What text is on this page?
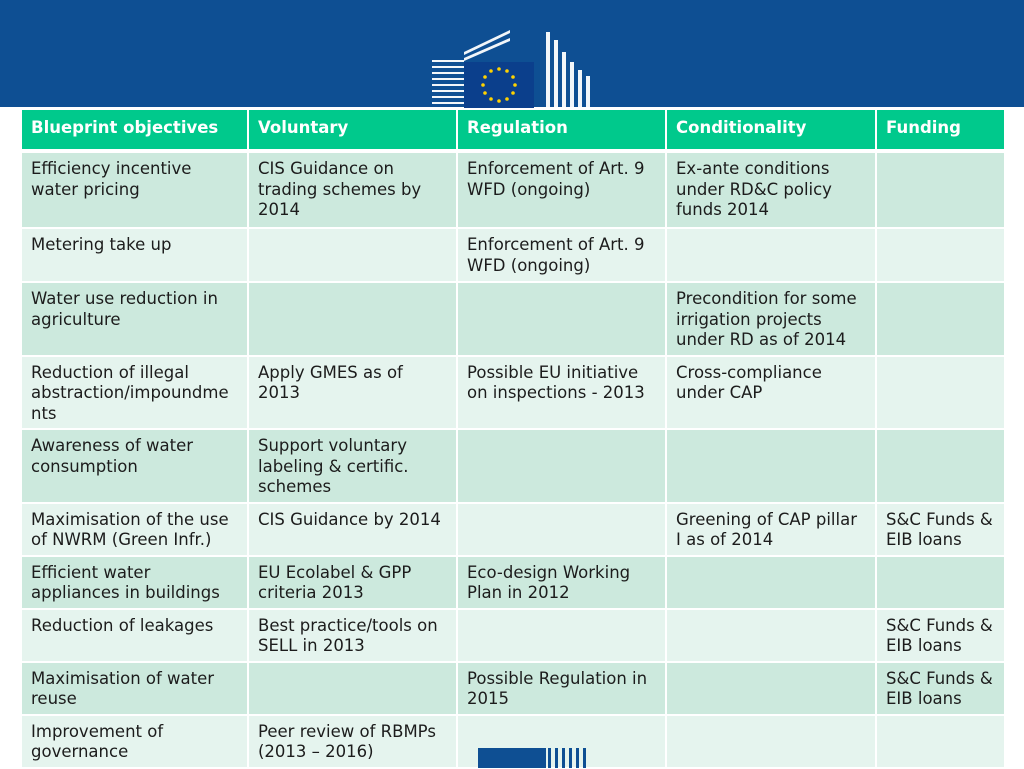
Blueprint objectives	Voluntary	Regulation	Conditionality	Funding

Efficiency incentive water pricing	CIS Guidance on trading schemes by 2014	Enforcement of Art. 9 WFD (ongoing)	Ex-ante conditions under RD&C policy funds 2014	
Metering take up		Enforcement of Art. 9 WFD (ongoing)		
Water use reduction in agriculture			Precondition for some irrigation projects under RD as of 2014	
Reduction of illegal abstraction/impoundme nts	Apply GMES as of 2013	Possible EU initiative on inspections - 2013	Cross-compliance under CAP	
Awareness of water consumption	Support voluntary labeling & certific. schemes			
Maximisation of the use of NWRM (Green Infr.)	CIS Guidance by 2014		Greening of CAP pillar I as of 2014	S&C Funds & EIB loans
Efficient water appliances in buildings	EU Ecolabel & GPP criteria 2013	Eco-design Working Plan in 2012		
Reduction of leakages	Best practice/tools on SELL in 2013			S&C Funds & EIB loans
Maximisation of water reuse		Possible Regulation in 2015		S&C Funds & EIB loans
Improvement of governance	Peer review of RBMPs (2013 – 2016)			
